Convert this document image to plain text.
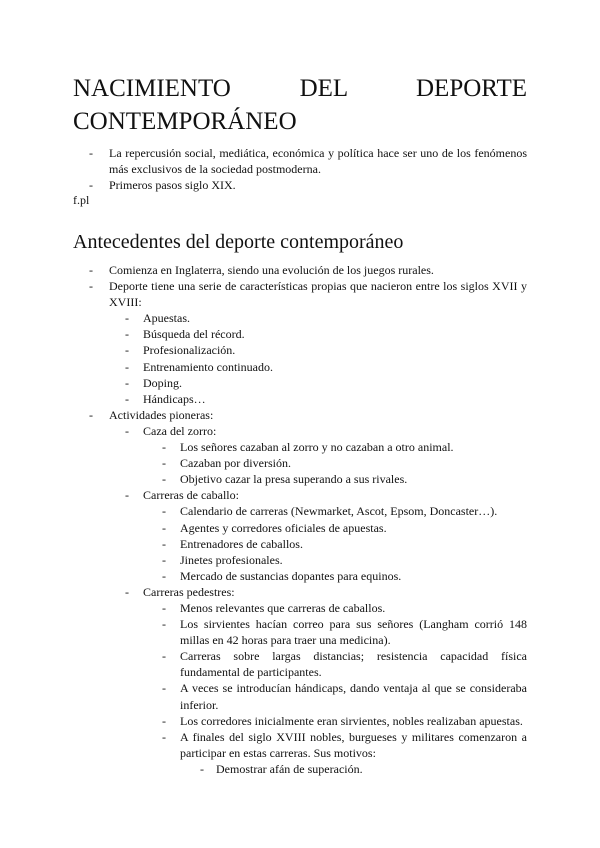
NACIMIENTO DEL DEPORTE
CONTEMPORÁNEO
- La repercusión social, mediática, económica y política hace ser uno de los fenómenos más exclusivos de la sociedad postmoderna.
- Primeros pasos siglo XIX.
f.pl
Antecedentes del deporte contemporáneo
- Comienza en Inglaterra, siendo una evolución de los juegos rurales.
- Deporte tiene una serie de características propias que nacieron entre los siglos XVII y XVIII:
- Apuestas.
- Búsqueda del récord.
- Profesionalización.
- Entrenamiento continuado.
- Doping.
- Hándicaps…
- Actividades pioneras:
- Caza del zorro:
- Los señores cazaban al zorro y no cazaban a otro animal.
- Cazaban por diversión.
- Objetivo cazar la presa superando a sus rivales.
- Carreras de caballo:
- Calendario de carreras (Newmarket, Ascot, Epsom, Doncaster…).
- Agentes y corredores oficiales de apuestas.
- Entrenadores de caballos.
- Jinetes profesionales.
- Mercado de sustancias dopantes para equinos.
- Carreras pedestres:
- Menos relevantes que carreras de caballos.
- Los sirvientes hacían correo para sus señores (Langham corrió 148 millas en 42 horas para traer una medicina).
- Carreras sobre largas distancias; resistencia capacidad física fundamental de participantes.
- A veces se introducían hándicaps, dando ventaja al que se consideraba inferior.
- Los corredores inicialmente eran sirvientes, nobles realizaban apuestas.
- A finales del siglo XVIII nobles, burgueses y militares comenzaron a participar en estas carreras. Sus motivos:
- Demostrar afán de superación.
